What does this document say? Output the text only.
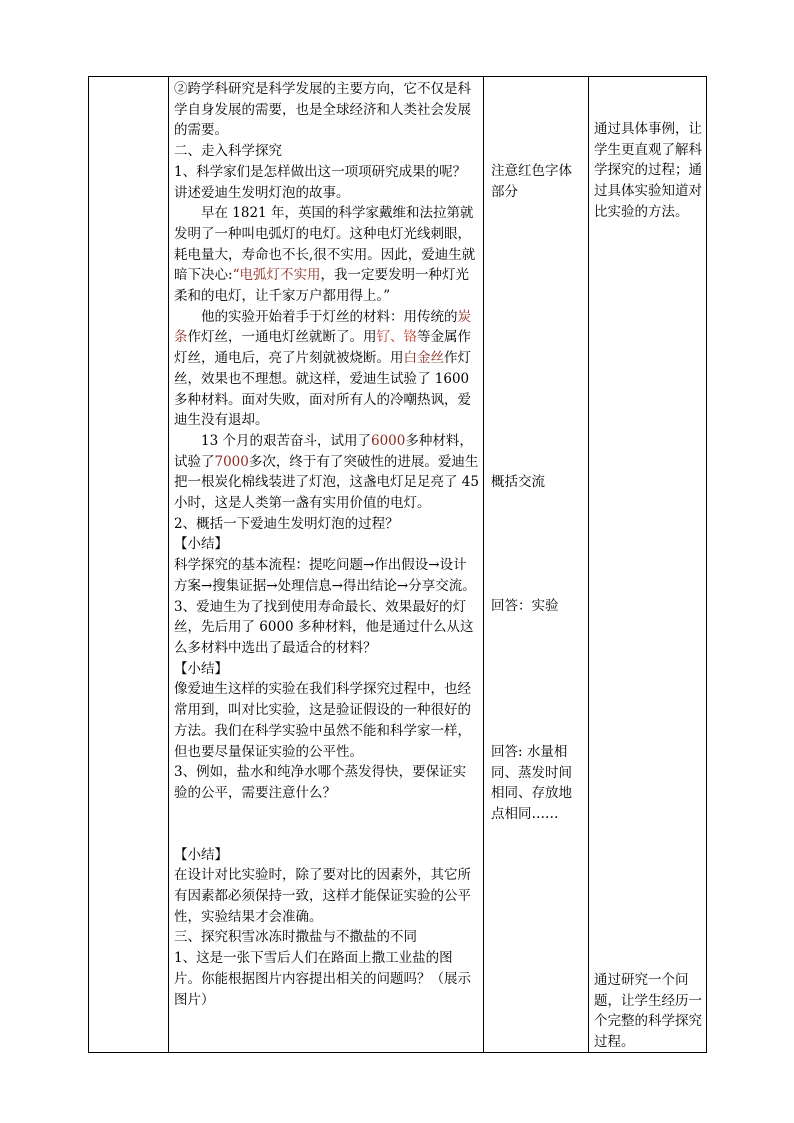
②跨学科研究是科学发展的主要方向，它不仅是科学自身发展的需要，也是全球经济和人类社会发展的需要。

二、走入科学探究

1、科学家们是怎样做出这一项项研究成果的呢？讲述爱迪生发明灯泡的故事。

早在 1821 年，英国的科学家戴维和法拉第就发明了一种叫电弧灯的电灯。这种电灯光线刺眼，耗电量大，寿命也不长,很不实用。因此，爱迪生就暗下决心:“电弧灯不实用，我一定要发明一种灯光柔和的电灯，让千家万户都用得上。”

他的实验开始着手于灯丝的材料：用传统的炭条作灯丝，一通电灯丝就断了。用钌、铬等金属作灯丝，通电后，亮了片刻就被烧断。用白金丝作灯丝，效果也不理想。就这样，爱迪生试验了 1600 多种材料。面对失败，面对所有人的冷嘲热讽，爱迪生没有退却。

13 个月的艰苦奋斗，试用了6000多种材料，试验了7000多次，终于有了突破性的进展。爱迪生把一根炭化棉线装进了灯泡，这盏电灯足足亮了 45 小时，这是人类第一盏有实用价值的电灯。

2、概括一下爱迪生发明灯泡的过程？

【小结】

科学探究的基本流程：提吃问题→作出假设→设计方案→搜集证据→处理信息→得出结论→分享交流。

3、爱迪生为了找到使用寿命最长、效果最好的灯丝，先后用了 6000 多种材料，他是通过什么从这么多材料中选出了最适合的材料？

【小结】

像爱迪生这样的实验在我们科学探究过程中，也经常用到，叫对比实验，这是验证假设的一种很好的方法。我们在科学实验中虽然不能和科学家一样，但也要尽量保证实验的公平性。

3、例如，盐水和纯净水哪个蒸发得快，要保证实验的公平，需要注意什么？

【小结】

在设计对比实验时，除了要对比的因素外，其它所有因素都必须保持一致，这样才能保证实验的公平性，实验结果才会准确。

三、探究积雪冰冻时撒盐与不撒盐的不同

1、这是一张下雪后人们在路面上撒工业盐的图片。你能根据图片内容提出相关的问题吗？（展示图片）

注意红色字体部分

概括交流

回答：实验

回答: 水量相同、蒸发时间相同、存放地点相同……

通过具体事例，让学生更直观了解科学探究的过程；通过具体实验知道对比实验的方法。

通过研究一个问题，让学生经历一个完整的科学探究过程。
